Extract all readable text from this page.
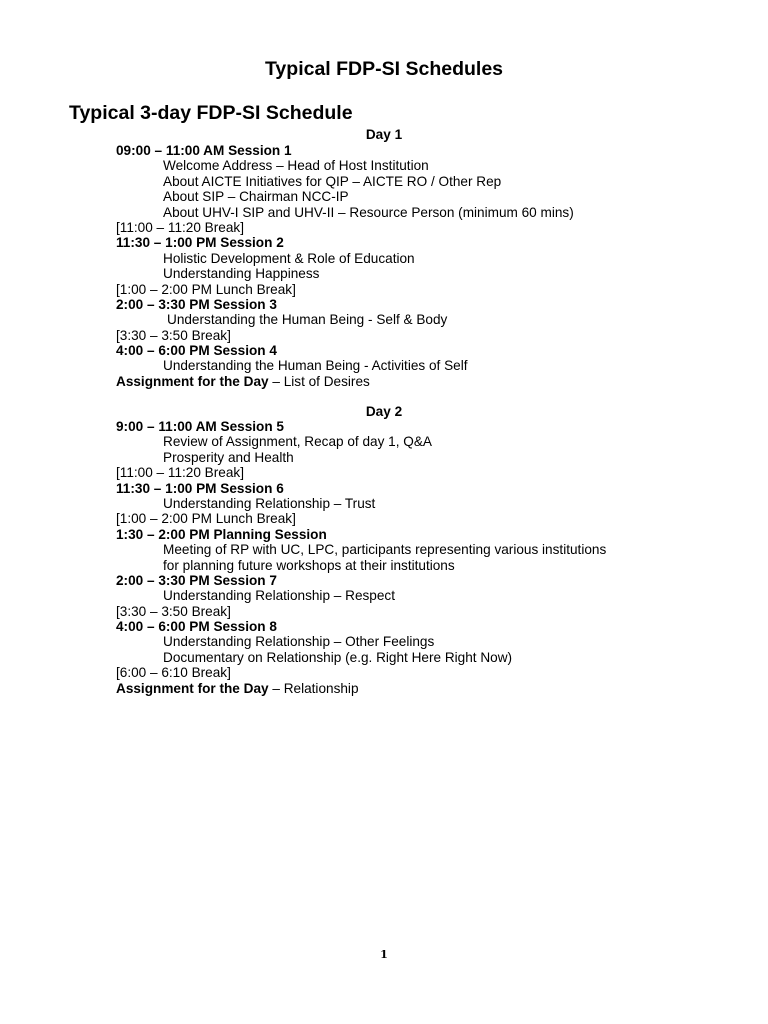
Typical FDP-SI Schedules
Typical 3-day FDP-SI Schedule
Day 1
09:00 – 11:00 AM Session 1
Welcome Address – Head of Host Institution
About AICTE Initiatives for QIP – AICTE RO / Other Rep
About SIP – Chairman NCC-IP
About UHV-I SIP and UHV-II – Resource Person (minimum 60 mins)
[11:00 – 11:20 Break]
11:30 – 1:00 PM Session 2
Holistic Development & Role of Education
Understanding Happiness
[1:00 – 2:00 PM Lunch Break]
2:00 – 3:30 PM Session 3
Understanding the Human Being - Self & Body
[3:30 – 3:50 Break]
4:00 – 6:00 PM Session 4
Understanding the Human Being - Activities of Self
Assignment for the Day – List of Desires
Day 2
9:00 – 11:00 AM Session 5
Review of Assignment, Recap of day 1, Q&A
Prosperity and Health
[11:00 – 11:20 Break]
11:30 – 1:00 PM Session 6
Understanding Relationship – Trust
[1:00 – 2:00 PM Lunch Break]
1:30 – 2:00 PM Planning Session
Meeting of RP with UC, LPC, participants representing various institutions
for planning future workshops at their institutions
2:00 – 3:30 PM Session 7
Understanding Relationship – Respect
[3:30 – 3:50 Break]
4:00 – 6:00 PM Session 8
Understanding Relationship – Other Feelings
Documentary on Relationship (e.g. Right Here Right Now)
[6:00 – 6:10 Break]
Assignment for the Day – Relationship
1
